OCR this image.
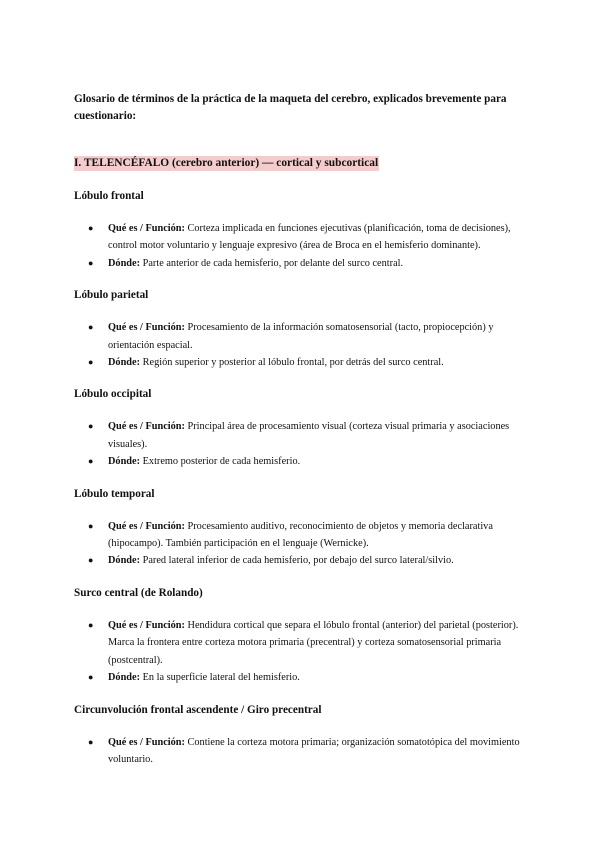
Glosario de términos de la práctica de la maqueta del cerebro, explicados brevemente para cuestionario:

I. TELENCÉFALO (cerebro anterior) — cortical y subcortical
Lóbulo frontal
● Qué es / Función: Corteza implicada en funciones ejecutivas (planificación, toma de decisiones), control motor voluntario y lenguaje expresivo (área de Broca en el hemisferio dominante).
● Dónde: Parte anterior de cada hemisferio, por delante del surco central.
Lóbulo parietal
● Qué es / Función: Procesamiento de la información somatosensorial (tacto, propiocepción) y orientación espacial.
● Dónde: Región superior y posterior al lóbulo frontal, por detrás del surco central.
Lóbulo occipital
● Qué es / Función: Principal área de procesamiento visual (corteza visual primaria y asociaciones visuales).
● Dónde: Extremo posterior de cada hemisferio.
Lóbulo temporal
● Qué es / Función: Procesamiento auditivo, reconocimiento de objetos y memoria declarativa (hipocampo). También participación en el lenguaje (Wernicke).
● Dónde: Pared lateral inferior de cada hemisferio, por debajo del surco lateral/silvio.
Surco central (de Rolando)
● Qué es / Función: Hendidura cortical que separa el lóbulo frontal (anterior) del parietal (posterior). Marca la frontera entre corteza motora primaria (precentral) y corteza somatosensorial primaria (postcentral).
● Dónde: En la superficie lateral del hemisferio.
Circunvolución frontal ascendente / Giro precentral
● Qué es / Función: Contiene la corteza motora primaria; organización somatotópica del movimiento voluntario.
